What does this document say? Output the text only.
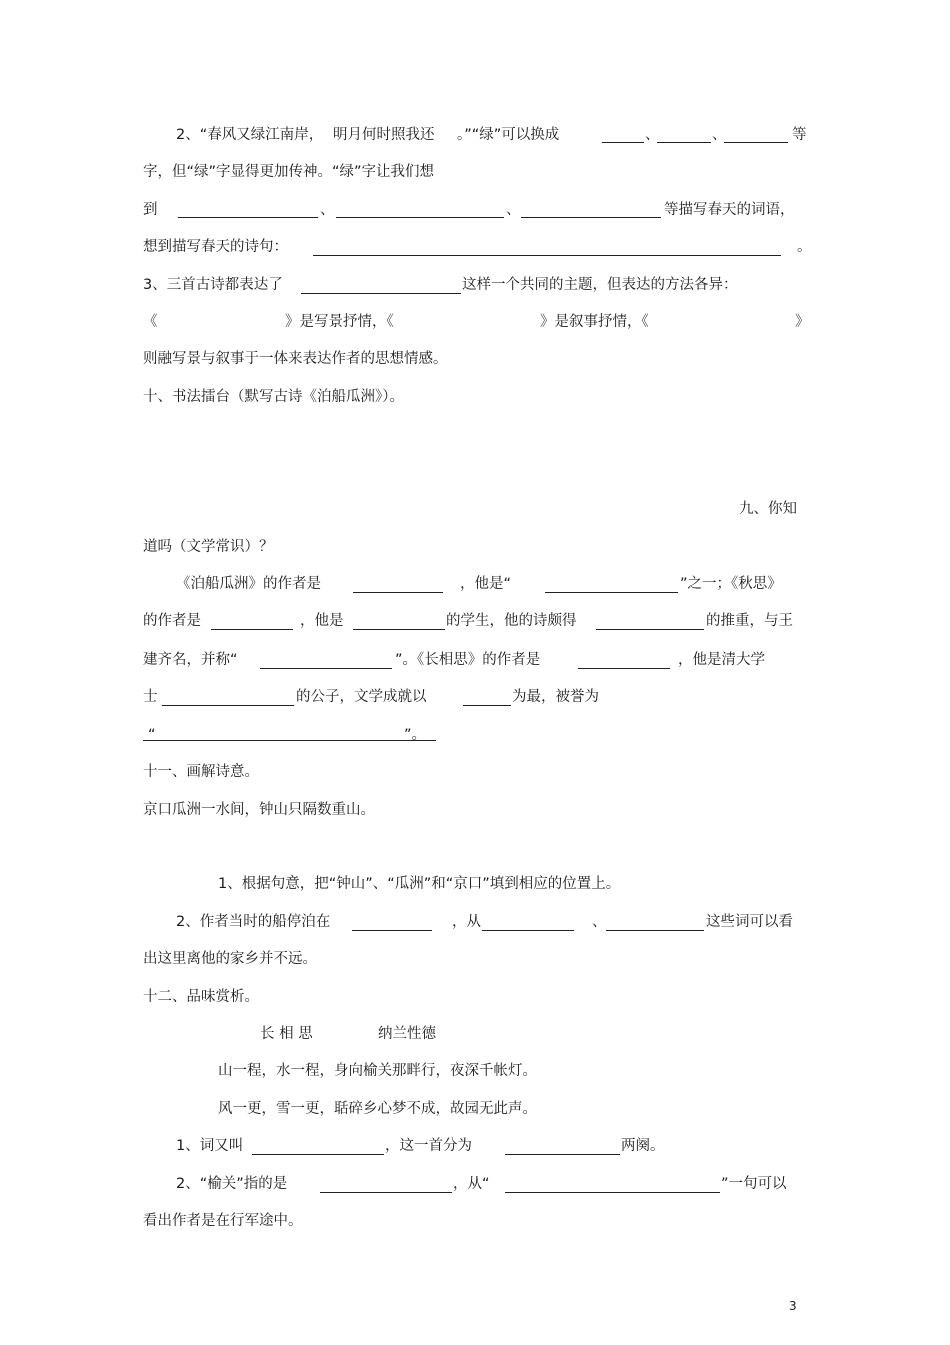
2、“春风又绿江南岸， 明月何时照我还 。”“绿”可以换成	、	、	等
字，但“绿”字显得更加传神。“绿”字让我们想
到	、	、	等描写春天的词语，
想到描写春天的诗句：	。
3、三首古诗都表达了	这样一个共同的主题，但表达的方法各异：
《	》是写景抒情，《	》是叙事抒情，《	》
则融写景与叙事于一体来表达作者的思想情感。
十、书法擂台（默写古诗《泊船瓜洲》）。
九、你知
道吗（文学常识）？
《泊船瓜洲》的作者是	，他是“	”之一；《秋思》
的作者是	，他是	的学生，他的诗颇得	的推重，与王
建齐名，并称“	”。《长相思》的作者是	，他是清大学
士	的公子，文学成就以	为最，被誉为
“	”。
十一、画解诗意。
京口瓜洲一水间，钟山只隔数重山。
1、根据句意，把“钟山”、“瓜洲”和“京口”填到相应的位置上。
2、作者当时的船停泊在	，从	、	这些词可以看
出这里离他的家乡并不远。
十二、品味赏析。
长 相 思	纳兰性德
山一程，水一程，身向榆关那畔行，夜深千帐灯。
风一更，雪一更，聒碎乡心梦不成，故园无此声。
1、词又叫	，这一首分为	两阕。
2、“榆关”指的是	，从“	”一句可以
看出作者是在行军途中。
3
